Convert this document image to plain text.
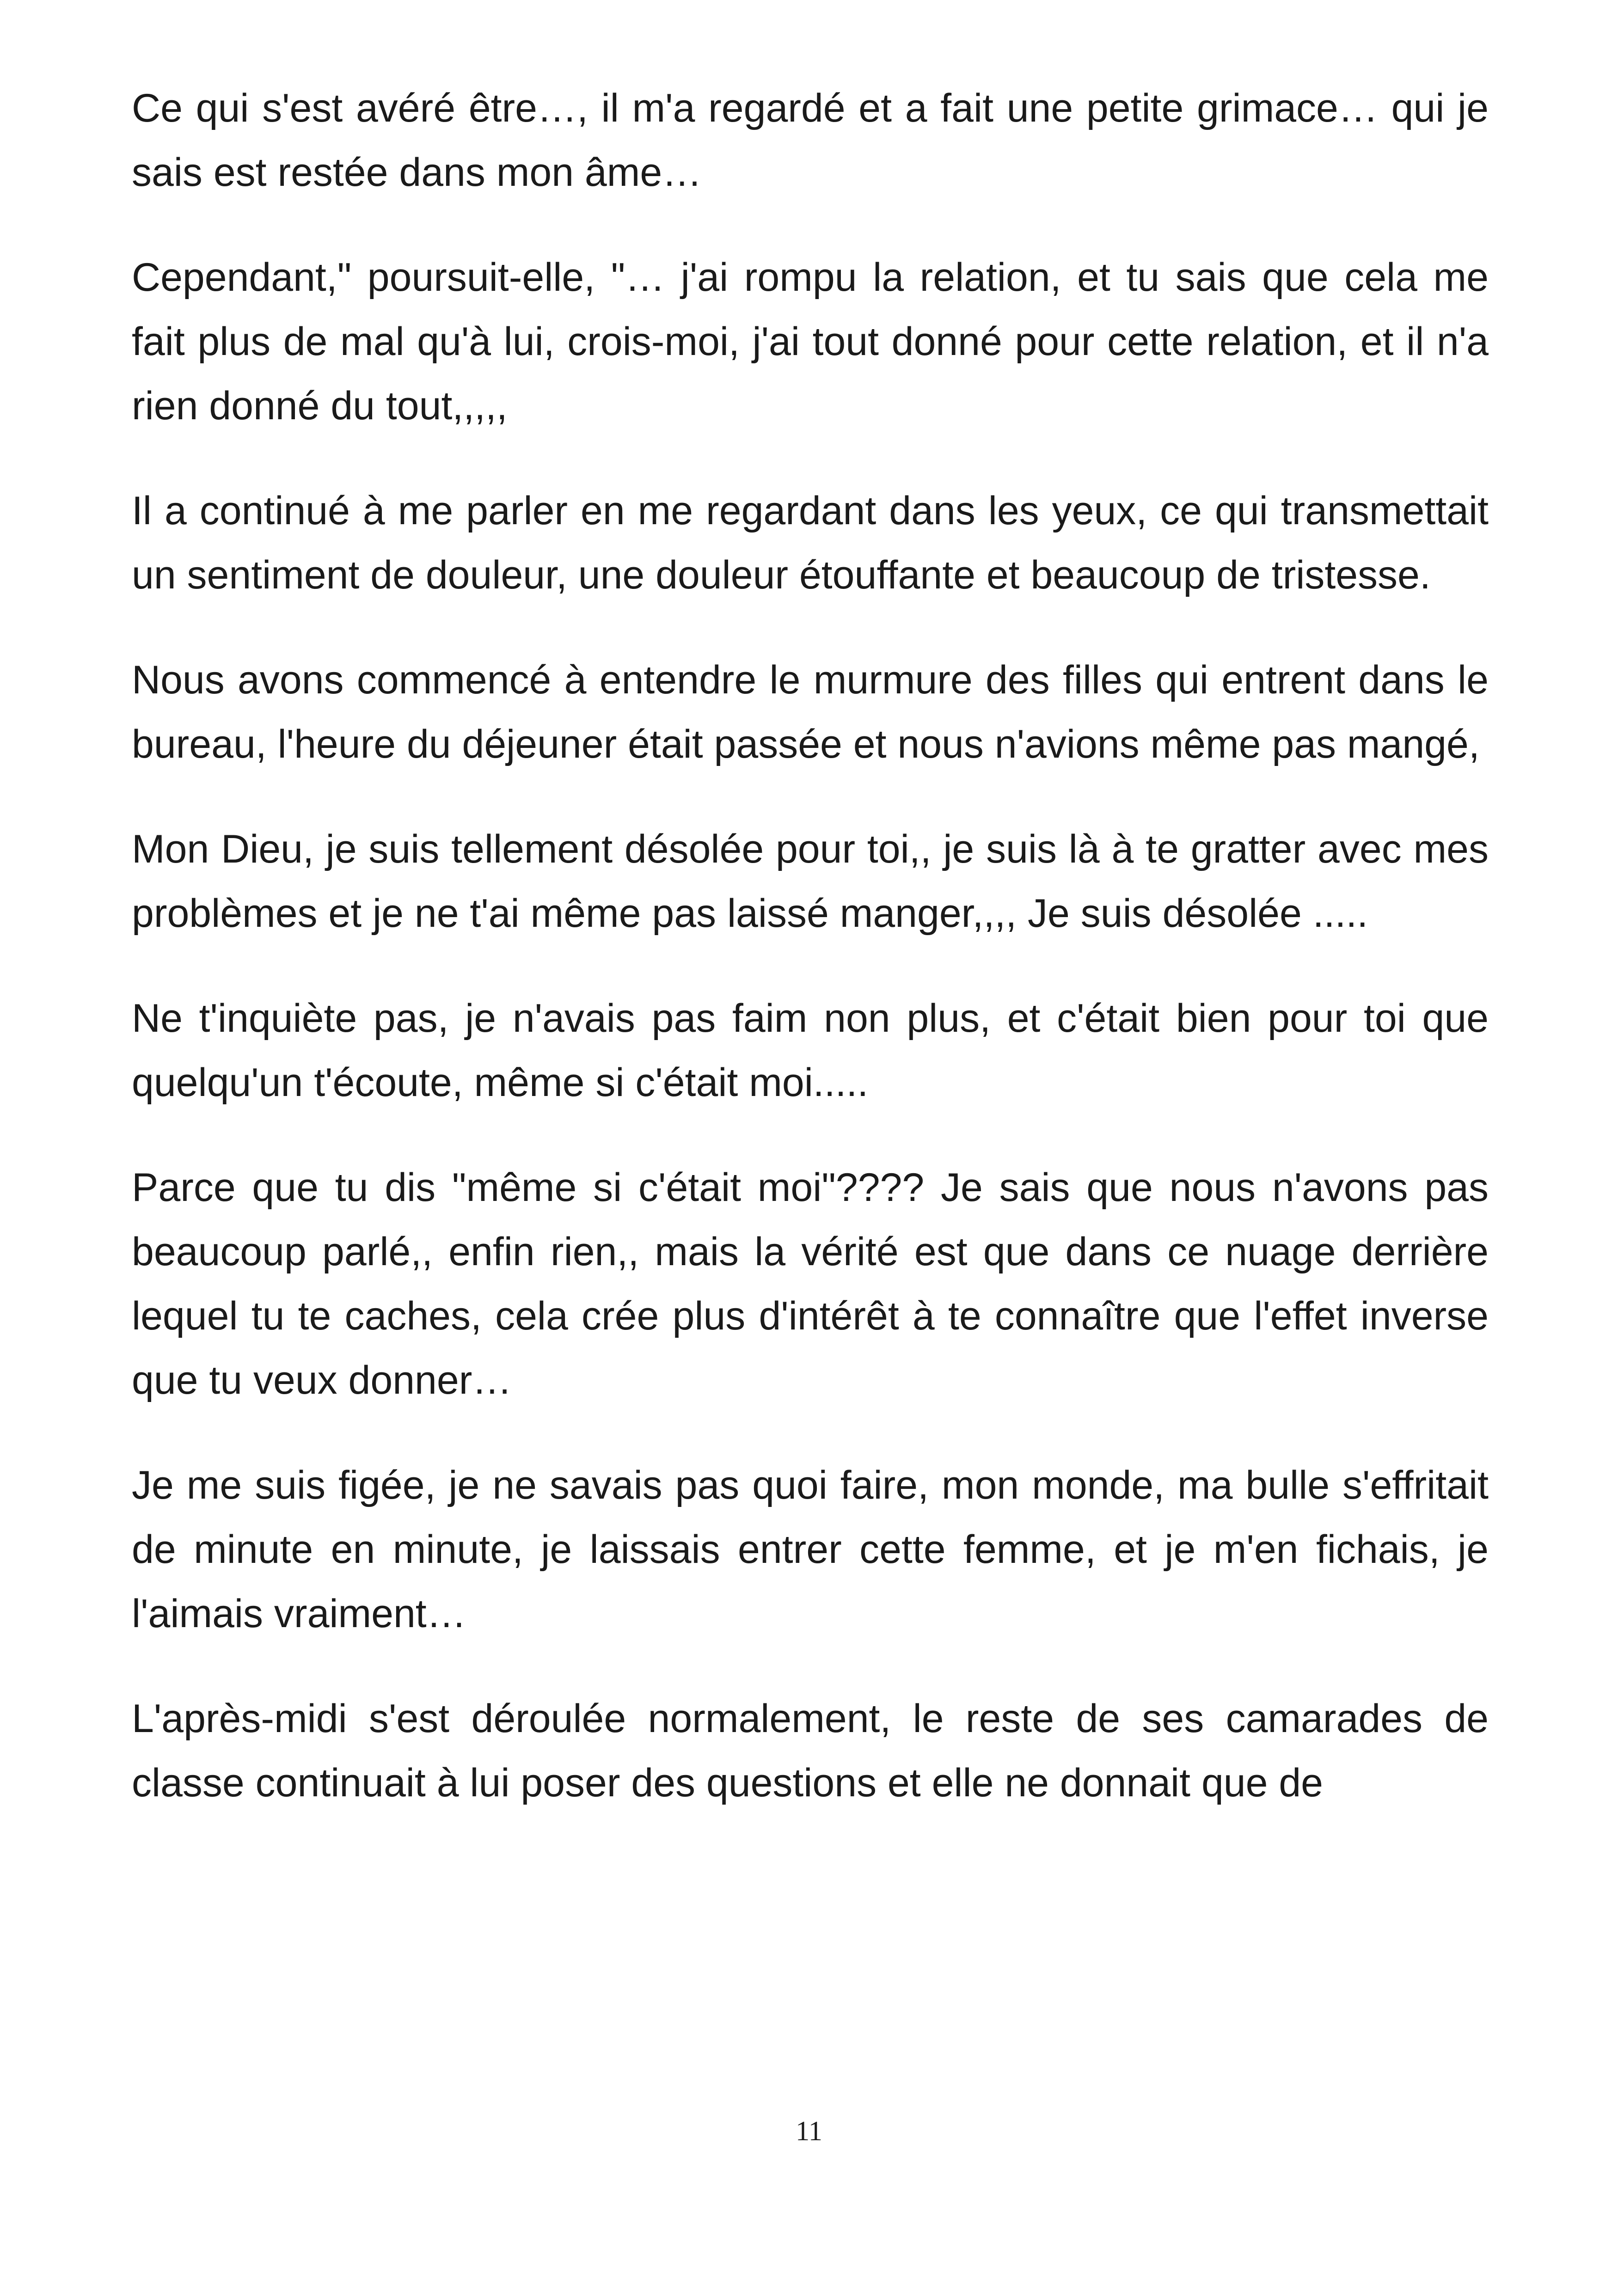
Ce qui s'est avéré être…, il m'a regardé et a fait une petite grimace… qui je sais est restée dans mon âme…

Cependant," poursuit-elle, "… j'ai rompu la relation, et tu sais que cela me fait plus de mal qu'à lui, crois-moi, j'ai tout donné pour cette relation, et il n'a rien donné du tout,,,,,

Il a continué à me parler en me regardant dans les yeux, ce qui transmettait un sentiment de douleur, une douleur étouffante et beaucoup de tristesse.

Nous avons commencé à entendre le murmure des filles qui entrent dans le bureau, l'heure du déjeuner était passée et nous n'avions même pas mangé,

Mon Dieu, je suis tellement désolée pour toi,, je suis là à te gratter avec mes problèmes et je ne t'ai même pas laissé manger,,,, Je suis désolée .....

Ne t'inquiète pas, je n'avais pas faim non plus, et c'était bien pour toi que quelqu'un t'écoute, même si c'était moi.....

Parce que tu dis "même si c'était moi"???? Je sais que nous n'avons pas beaucoup parlé,, enfin rien,, mais la vérité est que dans ce nuage derrière lequel tu te caches, cela crée plus d'intérêt à te connaître que l'effet inverse que tu veux donner…

Je me suis figée, je ne savais pas quoi faire, mon monde, ma bulle s'effritait de minute en minute, je laissais entrer cette femme, et je m'en fichais, je l'aimais vraiment…

L'après-midi s'est déroulée normalement, le reste de ses camarades de classe continuait à lui poser des questions et elle ne donnait que de

11
